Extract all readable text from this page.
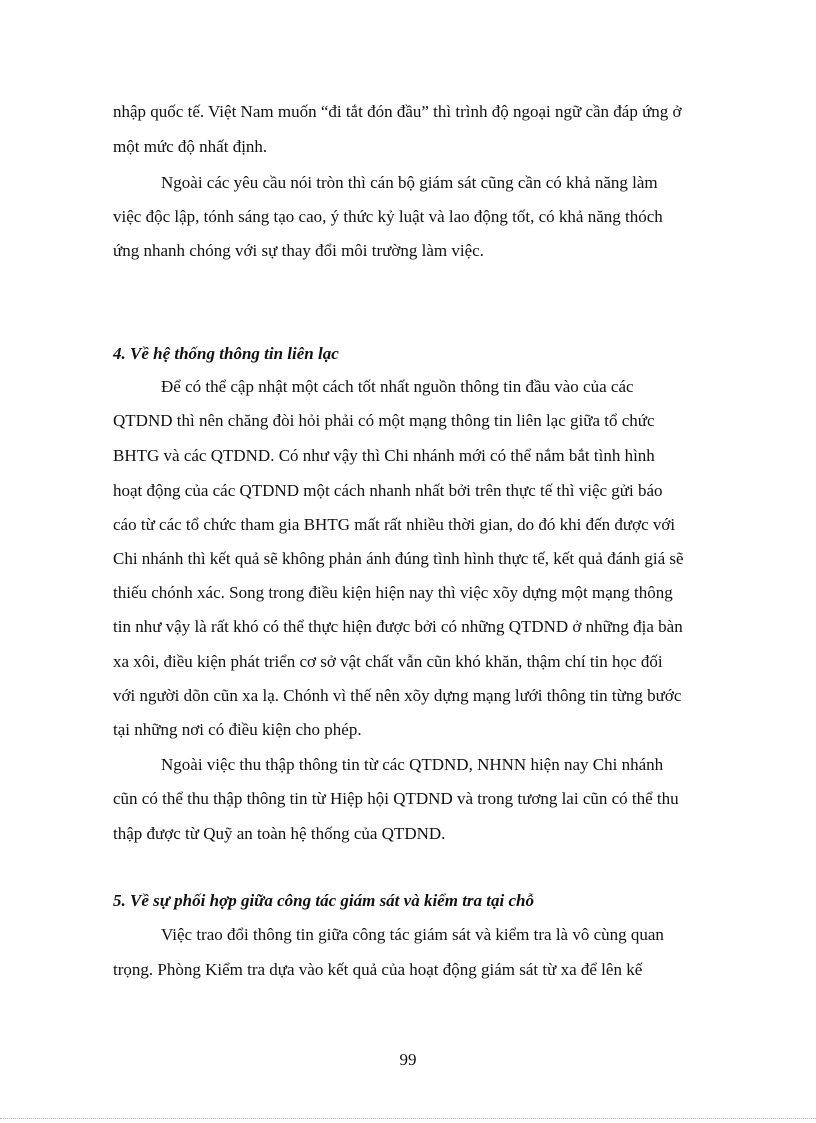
nhập quốc tế. Việt Nam muốn “đi tắt đón đầu” thì trình độ ngoại ngữ cần đáp ứng ở
một mức độ nhất định.
Ngoài các yêu cầu nói tròn thì cán bộ giám sát cũng cần có khả năng làm
việc độc lập, tónh sáng tạo cao, ý thức kỷ luật và lao động tốt, có khả năng thóch
ứng nhanh chóng với sự thay đổi môi trường làm việc.
4. Về hệ thống thông tin liên lạc
Để có thể cập nhật một cách tốt nhất nguồn thông tin đầu vào của các
QTDND thì nên chăng đòi hỏi phải có một mạng thông tin liên lạc giữa tổ chức
BHTG và các QTDND. Có như vậy thì Chi nhánh mới có thể nắm bắt tình hình
hoạt động của các QTDND một cách nhanh nhất bởi trên thực tế thì việc gửi báo
cáo từ các tổ chức tham gia BHTG mất rất nhiều thời gian, do đó khi đến được với
Chi nhánh thì kết quả sẽ không phản ánh đúng tình hình thực tế, kết quả đánh giá sẽ
thiếu chónh xác. Song trong điều kiện hiện nay thì việc xõy dựng một mạng thông
tin như vậy là rất khó có thể thực hiện được bởi có những QTDND ở những địa bàn
xa xôi, điều kiện phát triển cơ sở vật chất vẫn cũn khó khăn, thậm chí tin học đối
với người dõn cũn xa lạ. Chónh vì thế nên xõy dựng mạng lưới thông tin từng bước
tại những nơi có điều kiện cho phép.
Ngoài việc thu thập thông tin từ các QTDND, NHNN hiện nay Chi nhánh
cũn có thể thu thập thông tin từ Hiệp hội QTDND và trong tương lai cũn có thể thu
thập được từ Quỹ an toàn hệ thống của QTDND.
5. Về sự phối hợp giữa công tác giám sát và kiểm tra tại chỗ
Việc trao đổi thông tin giữa công tác giám sát và kiểm tra là vô cùng quan
trọng. Phòng Kiểm tra dựa vào kết quả của hoạt động giám sát từ xa để lên kế
99
